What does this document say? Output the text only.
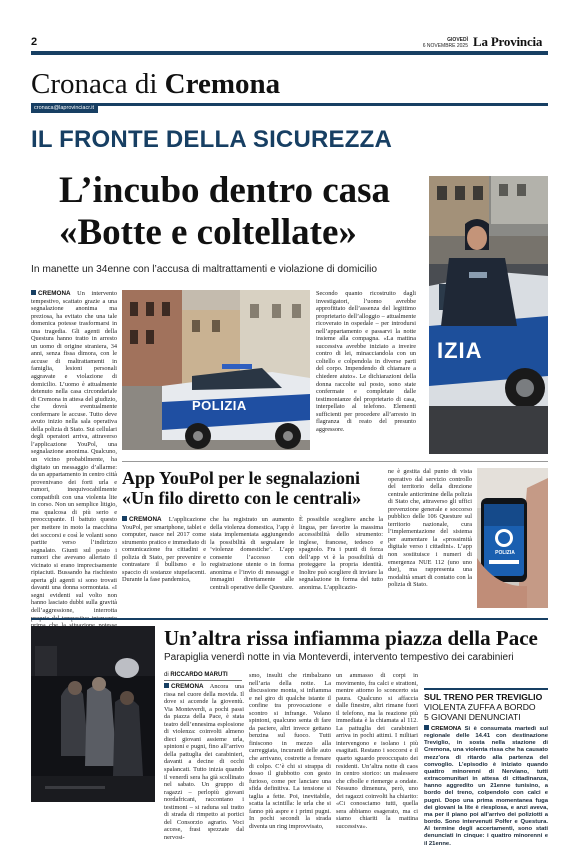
2	GIOVEDÌ
6 NOVEMBRE 2025 La Provincia
Cronaca di Cremona
cronaca@laprovinciacr.it
IL FRONTE DELLA SICUREZZA
L’incubo dentro casa
«Botte e coltellate»
In manette un 34enne con l’accusa di maltrattamenti e violazione di domicilio
IZIA
CREMONA Un intervento tempestivo, scattato grazie a una segnalazione anonima ma preziosa, ha evitato che una tale domenica potesse trasformarsi in una tragedia. Gli agenti della Questura hanno tratto in arresto un uomo di origine straniera, 34 anni, senza fissa dimora, con le accuse di maltrattamenti in famiglia, lesioni personali aggravate e violazione di domicilio. L’uomo è attualmente detenuto nella casa circondariale di Cremona in attesa del giudizio, che dovrà eventualmente confermare le accuse. Tutto deve avuto inizio nella sala operativa della polizia di Stato. Sui cellulari degli operatori arriva, attraverso l’applicazione YouPol, una segnalazione anonima. Qualcuno, un vicino probabilmente, ha digitato un messaggio d’allarme: da un appartamento in centro città provenivano dei forti urla e rumori, inequivocabilmente compatibili con una violenta lite in corso. Non un semplice litigio, ma qualcosa di più serio e preoccupante. Il battuto questo per mettere in moto la macchina dei soccorsi e così le volanti sono partite verso l’indirizzo segnalato. Giunti sul posto i rumori che avevano allertato il vicinato si erano imprecisamente ripiaciuti. Bussando ha rischiesto aperta gli agenti si sono trovati davanti una donna sormontata. «I segni evidenti sul volto non hanno lasciato dubbi sulla gravità dell’aggressione, interrotta
POLIZIA
Secondo quanto ricostruito dagli investigatori, l’uomo avrebbe approfittato dell’assenza del legittimo proprietario dell’alloggio – attualmente ricoverato in ospedale – per introdursi nell’appartamento e passarvi la notte insieme alla compagna. «La mattina successiva avrebbe iniziato a inveire contro di lei, minacciandola con un coltello e colpendola in diverse parti del corpo. Impendendo di chiamare a chiedere aiuto». Le dichiarazioni della donna raccolte sul posto, sono state confermate e completate dalle testimonianze del proprietario di casa, interpellato al telefono. Elementi sufficienti per procedere all’arresto in flagranza di reato del presunto aggressore.
App YouPol per le segnalazioni
«Un filo diretto con le centrali»
CREMONA L’applicazione YouPol, per smartphone, tablet e computer, nasce nel 2017 come strumento pratico e immediato di comunicazione fra cittadini e polizia di Stato, per prevenire e contrastare il bullismo e lo spaccio di sostanze stupefacenti. Durante la fase pandemica,
che ha registrato un aumento della violenza domestica, l’app è stata implementata aggiungendo la possibilità di segnalare le ‘violenze domestiche’. L’app consente l’accesso con registrazione utente o in forma anonima e l’invio di messaggi e immagini direttamente alle centrali operative delle Questure.
È possibile scegliere anche la lingua, per favorire la massima accessibilità dello strumento: inglese, francese, tedesco e spagnolo. Fra i punti di forza dell’app vi è la possibilità di proteggere la propria identità. Inoltre può scegliere di inviare la segnalazione in forma del tutto anonima. L’applicazio-
ne è gestita dal punto di vista operativo dal servizio controllo del territorio della direzione centrale anticrimine della polizia di Stato che, attraverso gli uffici prevenzione generale e soccorso pubblico delle 106 Questure sul territorio nazionale, cura l’implementazione del sistema per aumentare la «prossimità digitale verso i cittadini». L’app non sostituisce i numeri di emergenza NUE 112 (uno uno due), ma rappresenta una modalità smart di contatto con la polizia di Stato.
POLIZIA
Un’altra rissa infiamma piazza della Pace
Parapiglia venerdì notte in via Monteverdi, intervento tempestivo dei carabinieri
di RICCARDO MARUTI
CREMONA Ancora una rissa nel cuore della movida. Il dove si accende la gioventù. Via Monteverdi, a pochi passi da piazza della Pace, è stata teatro dell’ennesima esplosione di violenza: coinvolti almeno dieci giovani assieme urla, spintoni e pugni, fino all’arrivo della pattuglia dei carabinieri, davanti a decine di occhi spalancati. Tutto inizia quando il venerdì sera ha già scollinato nel sabato. Un gruppo di ragazzi – perlopiù giovani nordafricani, raccontano i testimoni – si raduna sul tratto di strada di rimpetto ai portici del Consorzio agrario. Voci accese, frasi spezzate dal nervosi-
smo, insulti che rimbalzano nell’aria della notte. La discussione monta, si infiamma e nel giro di qualche istante il confine tra provocazione e scontro si infrange. Volano spintoni, qualcuno senta di fare da paciere, altri invece gettano benzina sul fuoco. Tutti finiscono in mezzo alla carreggiata, incuranti delle auto che arrivano, costrette a frenare di colpo. C’è chi si strappa di dosso il giubbotto con gesto furioso, come per lanciare una sfida definitiva. La tensione si taglia a fette. Poi, inevitabile, scatta la scintilla: le urla che si fanno più aspre e i primi pugni. In pochi secondi la strada diventa un ring improvvisato,
un ammasso di corpi in movimento, fra calci e strattoni, mentre attorno lo sconcerto sta paura. Qualcuno si affaccia dalle finestre, altri rimane fuori il telefono, ma la reazione più immediata è la chiamata al 112. La pattuglia dei carabinieri arriva in pochi attimi. I militari intervengono e isolano i più esagitati. Restano i soccorsi e il quarto sguardo preoccupato dei residenti. Un’altra notte di caos in centro storico: un malessere che cibolle e riemerge a ondate. Nessuno dimenura, però, uno dei ragazzi coinvolti ha chiarito: «Ci conosciamo tutti, quella sera abbiamo esagerato, ma ci siamo chiariti la mattina successiva».
SUL TRENO PER TREVIGLIO
VIOLENTA ZUFFA A BORDO
5 GIOVANI DENUNCIATI
CREMONA Si è consumata martedì sul regionale delle 14.41 con destinazione Treviglio, in sosta nella stazione di Cremona, una violenta rissa che ha causato mezz’ora di ritardo alla partenza del convoglio. L’episodio è iniziato quando quattro minorenni di Nerviano, tutti extracomunitari in attesa di cittadinanza, hanno aggredito un 21enne tunisino, a bordo del treno, colpendolo con calci e pugni. Dopo una prima momentanea fuga dei giovani la lite è riesplosa, e anzi aveva, ma per il piano poi all’arrivo dei poliziotti a bordo. Sono intervenuti Polfer e Questura. Al termine degli accertamenti, sono stati denunciati in cinque: i quattro minorenni e il 21enne.
